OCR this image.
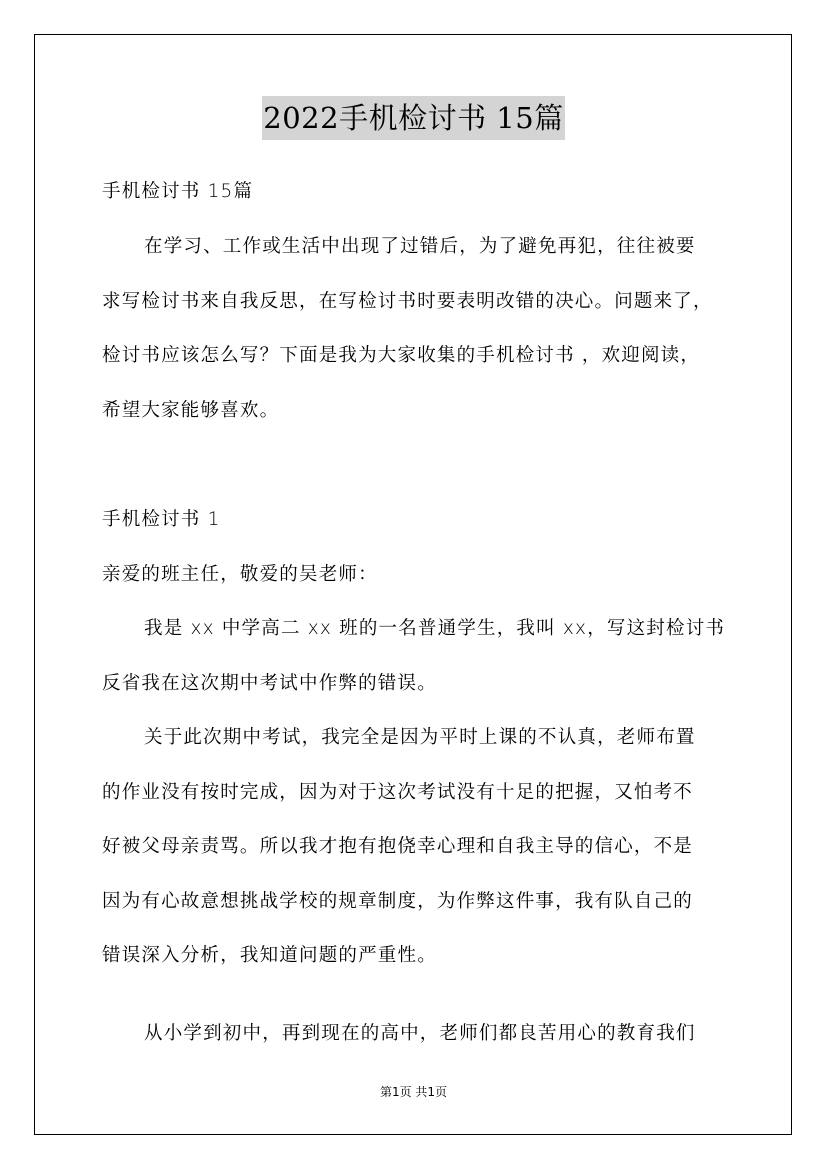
2022手机检讨书 15篇
手机检讨书 15篇
在学习、工作或生活中出现了过错后，为了避免再犯，往往被要
求写检讨书来自我反思，在写检讨书时要表明改错的决心。问题来了，
检讨书应该怎么写？下面是我为大家收集的手机检讨书 ，欢迎阅读，
希望大家能够喜欢。
手机检讨书 1
亲爱的班主任，敬爱的吴老师：
我是 xx 中学高二 xx 班的一名普通学生，我叫 xx，写这封检讨书
反省我在这次期中考试中作弊的错误。
关于此次期中考试，我完全是因为平时上课的不认真，老师布置
的作业没有按时完成，因为对于这次考试没有十足的把握，又怕考不
好被父母亲责骂。所以我才抱有抱侥幸心理和自我主导的信心，不是
因为有心故意想挑战学校的规章制度，为作弊这件事，我有队自己的
错误深入分析，我知道问题的严重性。
从小学到初中，再到现在的高中，老师们都良苦用心的教育我们
第1页 共1页
